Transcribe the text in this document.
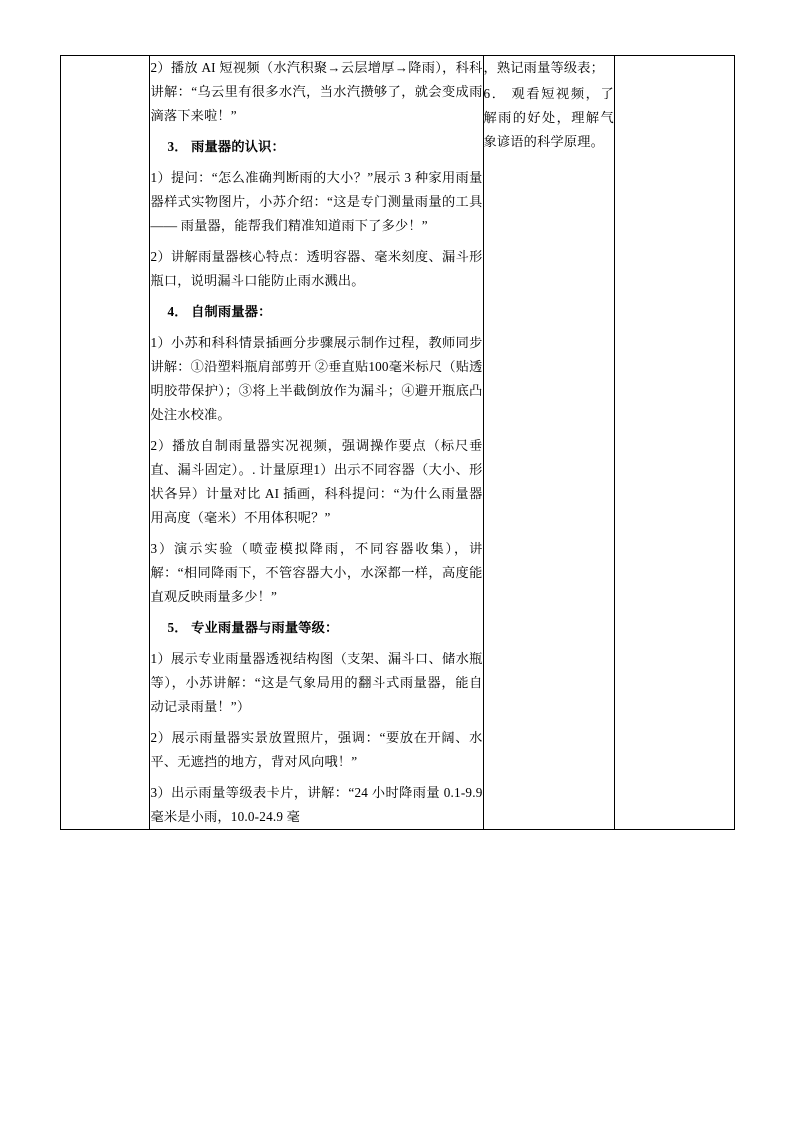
2）播放 AI 短视频（水汽积聚→云层增厚→降雨），科科讲解：“乌云里有很多水汽，当水汽攒够了，就会变成雨滴落下来啦！”
3． 雨量器的认识：
1）提问：“怎么准确判断雨的大小？”展示 3 种家用雨量器样式实物图片，小苏介绍：“这是专门测量雨量的工具 —— 雨量器，能帮我们精准知道雨下了多少！”
2）讲解雨量器核心特点：透明容器、毫米刻度、漏斗形瓶口，说明漏斗口能防止雨水溅出。
4． 自制雨量器：
1）小苏和科科情景插画分步骤展示制作过程，教师同步讲解：①沿塑料瓶肩部剪开 ②垂直贴100毫米标尺（贴透明胶带保护）；③将上半截倒放作为漏斗；④避开瓶底凸处注水校准。
2）播放自制雨量器实况视频，强调操作要点（标尺垂直、漏斗固定）。. 计量原理1）出示不同容器（大小、形状各异）计量对比 AI 插画，科科提问：“为什么雨量器用高度（毫米）不用体积呢？”
3）演示实验（喷壶模拟降雨，不同容器收集），讲解：“相同降雨下，不管容器大小，水深都一样，高度能直观反映雨量多少！”
5． 专业雨量器与雨量等级：
1）展示专业雨量器透视结构图（支架、漏斗口、储水瓶等），小苏讲解：“这是气象局用的翻斗式雨量器，能自动记录雨量！”）
2）展示雨量器实景放置照片，强调：“要放在开阔、水平、无遮挡的地方，背对风向哦！”
3）出示雨量等级表卡片，讲解：“24 小时降雨量 0.1-9.9 毫米是小雨，10.0-24.9 毫

，熟记雨量等级表；
6． 观看短视频，了解雨的好处，理解气象谚语的科学原理。
